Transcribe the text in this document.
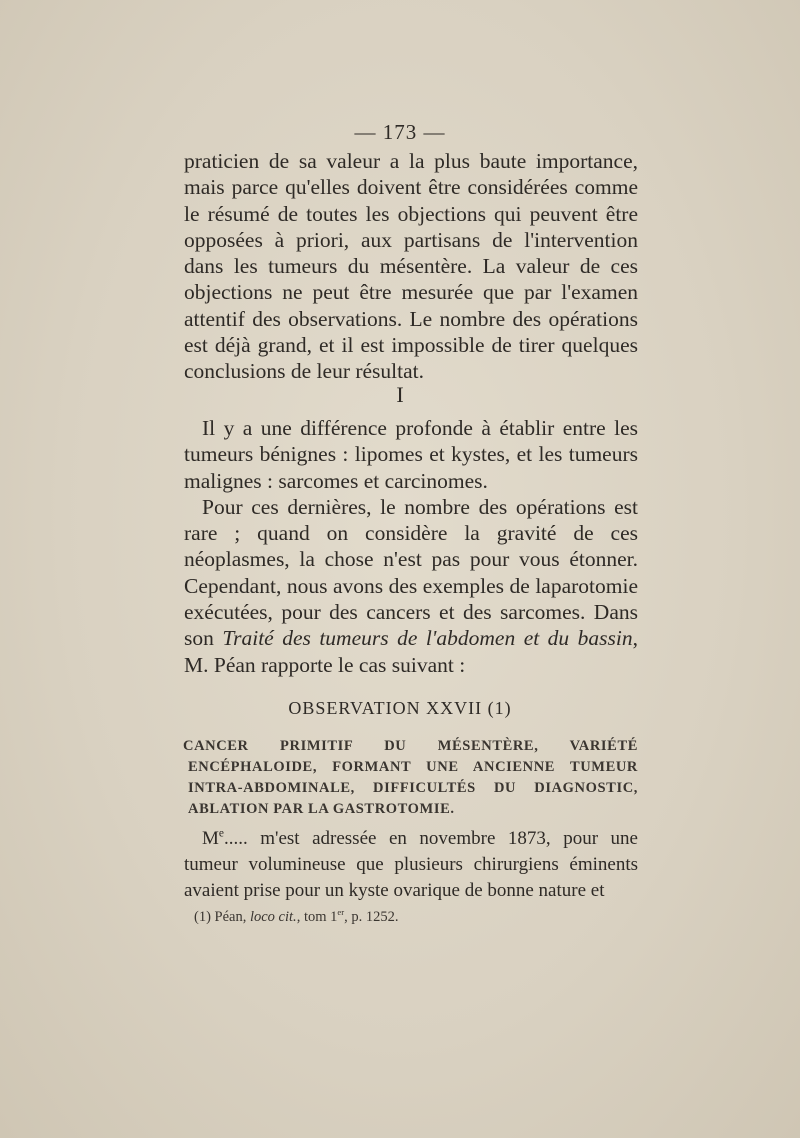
— 173 —

praticien de sa valeur a la plus baute importance, mais parce qu'elles doivent être considérées comme le résumé de toutes les objections qui peuvent être opposées à priori, aux partisans de l'intervention dans les tumeurs du mésentère. La valeur de ces objections ne peut être mesurée que par l'examen attentif des observations. Le nombre des opérations est déjà grand, et il est impossible de tirer quelques conclusions de leur résultat.

I

Il y a une différence profonde à établir entre les tumeurs bénignes : lipomes et kystes, et les tumeurs malignes : sarcomes et carcinomes.

Pour ces dernières, le nombre des opérations est rare ; quand on considère la gravité de ces néoplasmes, la chose n'est pas pour vous étonner. Cependant, nous avons des exemples de laparotomie exécutées, pour des cancers et des sarcomes. Dans son Traité des tumeurs de l'abdomen et du bassin, M. Péan rapporte le cas suivant :

OBSERVATION XXVII (1)
CANCER PRIMITIF DU MÉSENTÈRE, VARIÉTÉ ENCÉPHALOIDE, FORMANT UNE ANCIENNE TUMEUR INTRA-ABDOMINALE, DIFFICULTÉS DU DIAGNOSTIC, ABLATION PAR LA GASTROTOMIE.

Me..... m'est adressée en novembre 1873, pour une tumeur volumineuse que plusieurs chirurgiens éminents avaient prise pour un kyste ovarique de bonne nature et

(1) Péan, loco cit., tom 1er, p. 1252.
